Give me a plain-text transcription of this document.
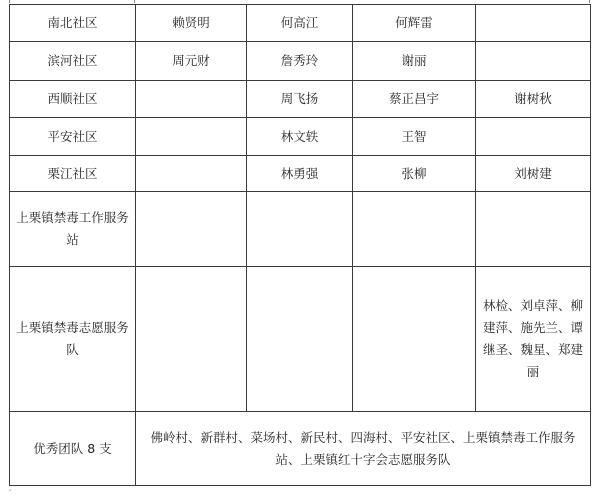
南北社区	赖贤明	何高江	何辉雷	
滨河社区	周元财	詹秀玲	谢丽	
西顺社区		周飞扬	蔡正昌宇	谢树秋
平安社区		林文轶	王智	
栗江社区		林勇强	张柳	刘树建
上栗镇禁毒工作服务站				
上栗镇禁毒志愿服务队				林检、刘卓萍、柳建萍、施先兰、谭继圣、魏星、郑建丽
优秀团队 8 支	佛岭村、新群村、菜场村、新民村、四海村、平安社区、上栗镇禁毒工作服务站、上栗镇红十字会志愿服务队			
¨
